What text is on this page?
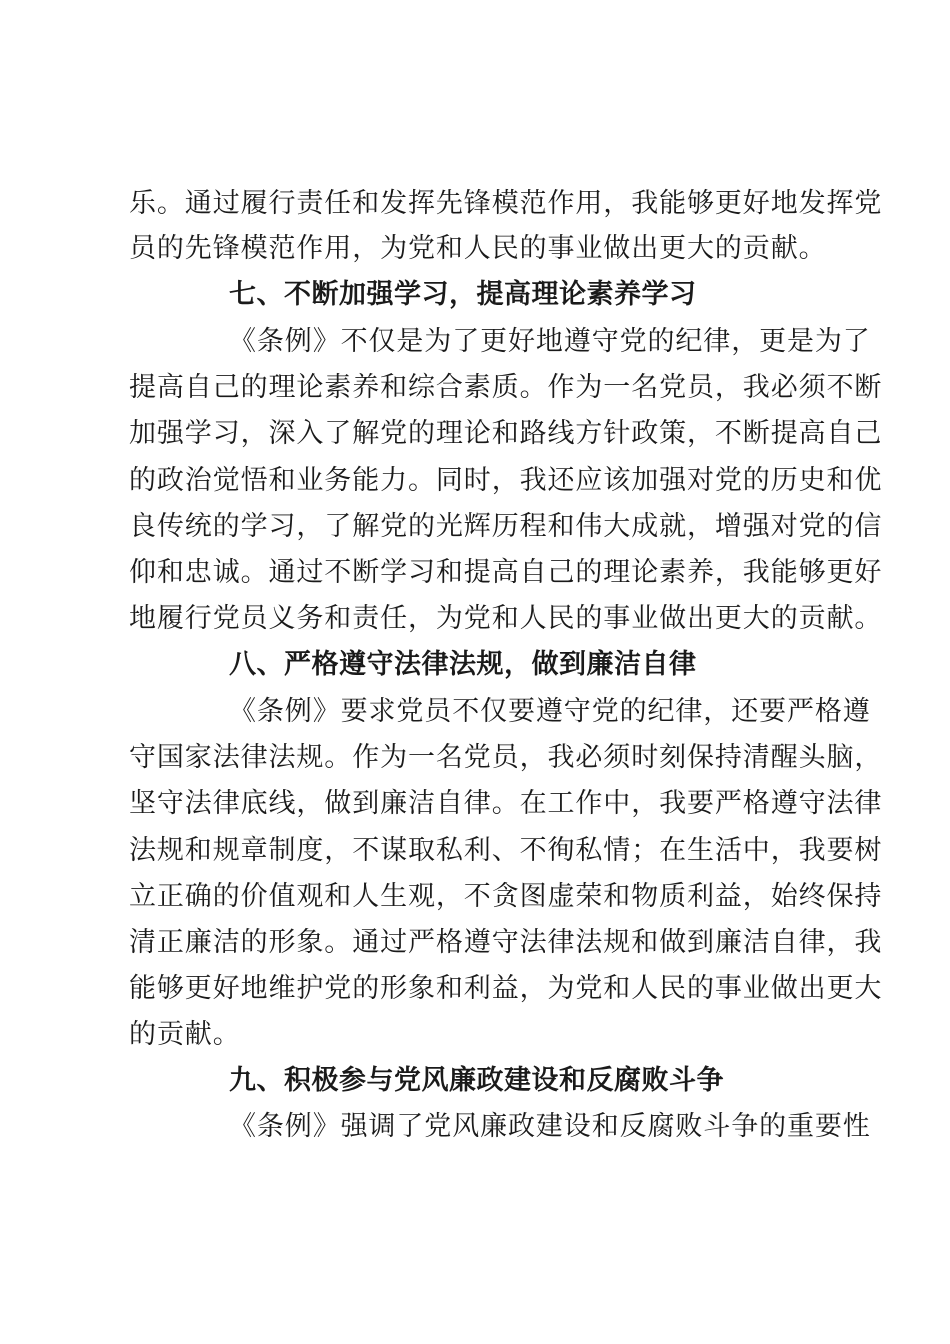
乐。通过履行责任和发挥先锋模范作用，我能够更好地发挥党
员的先锋模范作用，为党和人民的事业做出更大的贡献。
七、不断加强学习，提高理论素养学习
《条例》不仅是为了更好地遵守党的纪律，更是为了
提高自己的理论素养和综合素质。作为一名党员，我必须不断
加强学习，深入了解党的理论和路线方针政策，不断提高自己
的政治觉悟和业务能力。同时，我还应该加强对党的历史和优
良传统的学习，了解党的光辉历程和伟大成就，增强对党的信
仰和忠诚。通过不断学习和提高自己的理论素养，我能够更好
地履行党员义务和责任，为党和人民的事业做出更大的贡献。
八、严格遵守法律法规，做到廉洁自律
《条例》要求党员不仅要遵守党的纪律，还要严格遵
守国家法律法规。作为一名党员，我必须时刻保持清醒头脑，
坚守法律底线，做到廉洁自律。在工作中，我要严格遵守法律
法规和规章制度，不谋取私利、不徇私情；在生活中，我要树
立正确的价值观和人生观，不贪图虚荣和物质利益，始终保持
清正廉洁的形象。通过严格遵守法律法规和做到廉洁自律，我
能够更好地维护党的形象和利益，为党和人民的事业做出更大
的贡献。
九、积极参与党风廉政建设和反腐败斗争
《条例》强调了党风廉政建设和反腐败斗争的重要性
